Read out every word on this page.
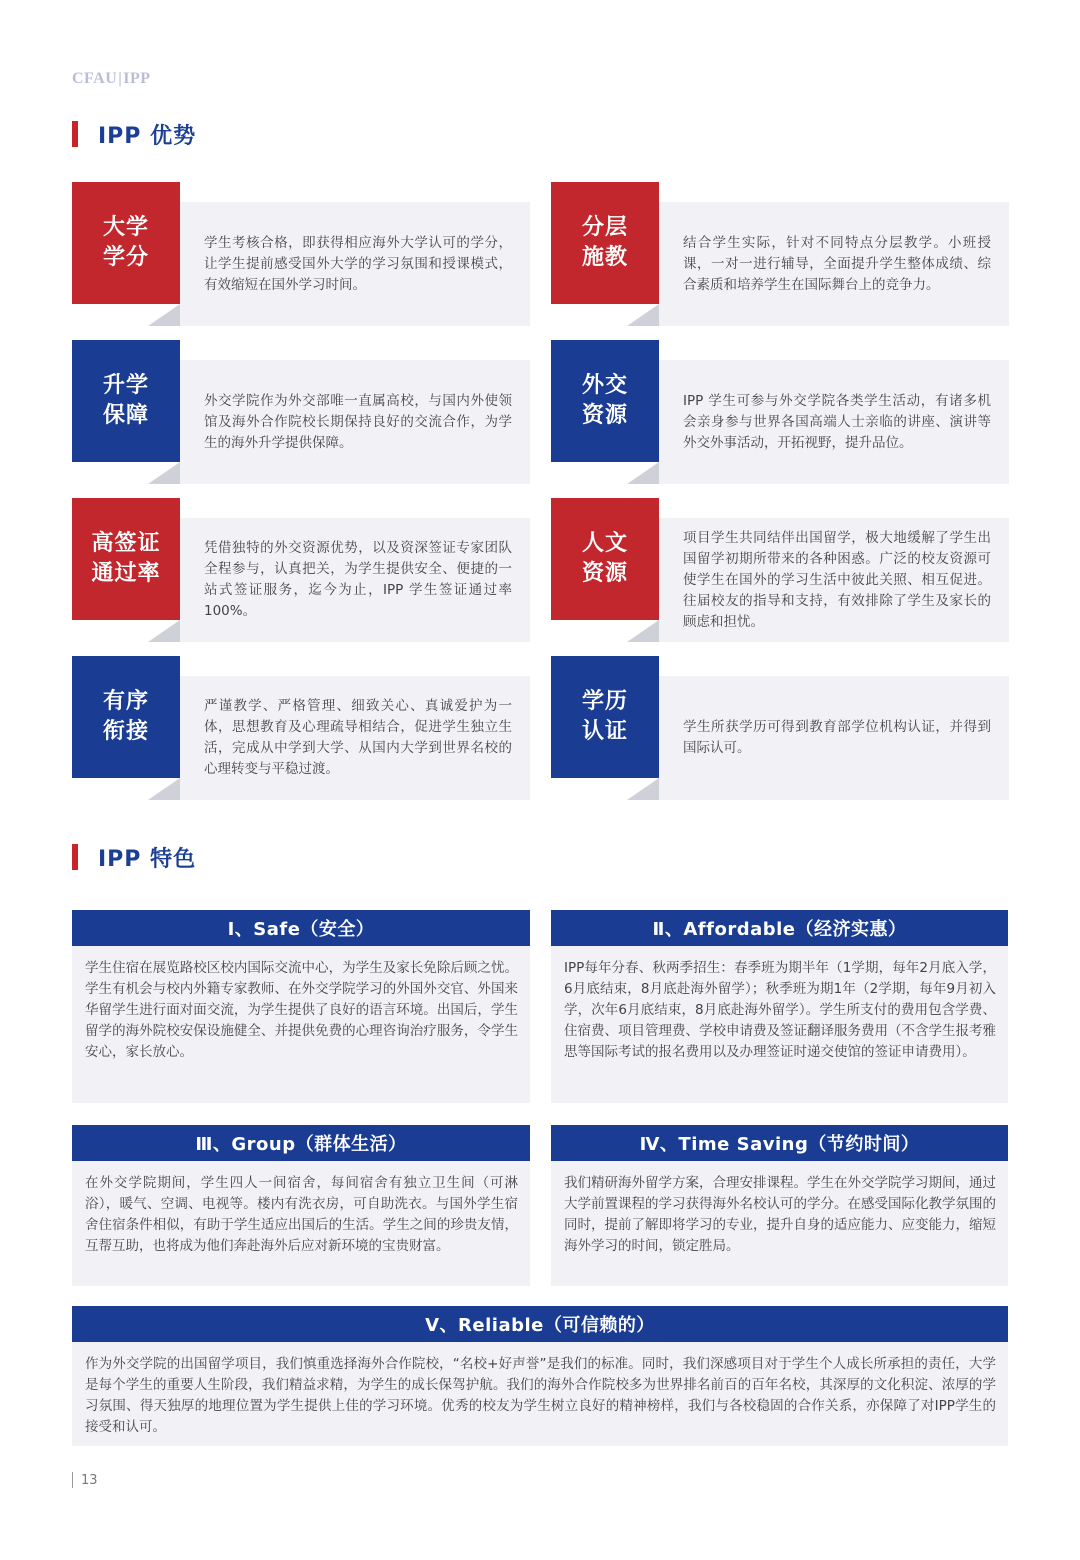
CFAU|IPP
IPP 优势
大学
学分

学生考核合格，即获得相应海外大学认可的学分，让学生提前感受国外大学的学习氛围和授课模式，有效缩短在国外学习时间。

分层
施教

结合学生实际，针对不同特点分层教学。小班授课，一对一进行辅导，全面提升学生整体成绩、综合素质和培养学生在国际舞台上的竞争力。

升学
保障

外交学院作为外交部唯一直属高校，与国内外使领馆及海外合作院校长期保持良好的交流合作，为学生的海外升学提供保障。

外交
资源

IPP 学生可参与外交学院各类学生活动，有诸多机会亲身参与世界各国高端人士亲临的讲座、演讲等外交外事活动，开拓视野，提升品位。

高签证
通过率

凭借独特的外交资源优势，以及资深签证专家团队全程参与，认真把关，为学生提供安全、便捷的一站式签证服务，迄今为止，IPP 学生签证通过率 100%。

人文
资源

项目学生共同结伴出国留学，极大地缓解了学生出国留学初期所带来的各种困惑。广泛的校友资源可使学生在国外的学习生活中彼此关照、相互促进。往届校友的指导和支持，有效排除了学生及家长的顾虑和担忧。

有序
衔接

严谨教学、严格管理、细致关心、真诚爱护为一体，思想教育及心理疏导相结合，促进学生独立生活，完成从中学到大学、从国内大学到世界名校的心理转变与平稳过渡。

学历
认证	学生所获学历可得到教育部学位机构认证，并得到国际认可。

IPP 特色
Ⅰ、Safe（安全）

学生住宿在展览路校区校内国际交流中心，为学生及家长免除后顾之忧。学生有机会与校内外籍专家教师、在外交学院学习的外国外交官、外国来华留学生进行面对面交流，为学生提供了良好的语言环境。出国后，学生留学的海外院校安保设施健全、并提供免费的心理咨询治疗服务，令学生安心，家长放心。

Ⅱ、Affordable（经济实惠）

IPP每年分春、秋两季招生：春季班为期半年（1学期，每年2月底入学，6月底结束，8月底赴海外留学）；秋季班为期1年（2学期，每年9月初入学，次年6月底结束，8月底赴海外留学）。学生所支付的费用包含学费、住宿费、项目管理费、学校申请费及签证翻译服务费用（不含学生报考雅思等国际考试的报名费用以及办理签证时递交使馆的签证申请费用）。

Ⅲ、Group（群体生活）

在外交学院期间，学生四人一间宿舍，每间宿舍有独立卫生间（可淋浴），暖气、空调、电视等。楼内有洗衣房，可自助洗衣。与国外学生宿舍住宿条件相似，有助于学生适应出国后的生活。学生之间的珍贵友情，互帮互助，也将成为他们奔赴海外后应对新环境的宝贵财富。

Ⅳ、Time Saving（节约时间）

我们精研海外留学方案，合理安排课程。学生在外交学院学习期间，通过大学前置课程的学习获得海外名校认可的学分。在感受国际化教学氛围的同时，提前了解即将学习的专业，提升自身的适应能力、应变能力，缩短海外学习的时间，锁定胜局。

Ⅴ、Reliable（可信赖的）

作为外交学院的出国留学项目，我们慎重选择海外合作院校，“名校+好声誉”是我们的标准。同时，我们深感项目对于学生个人成长所承担的责任，大学是每个学生的重要人生阶段，我们精益求精，为学生的成长保驾护航。我们的海外合作院校多为世界排名前百的百年名校，其深厚的文化积淀、浓厚的学习氛围、得天独厚的地理位置为学生提供上佳的学习环境。优秀的校友为学生树立良好的精神榜样，我们与各校稳固的合作关系，亦保障了对IPP学生的接受和认可。

13
